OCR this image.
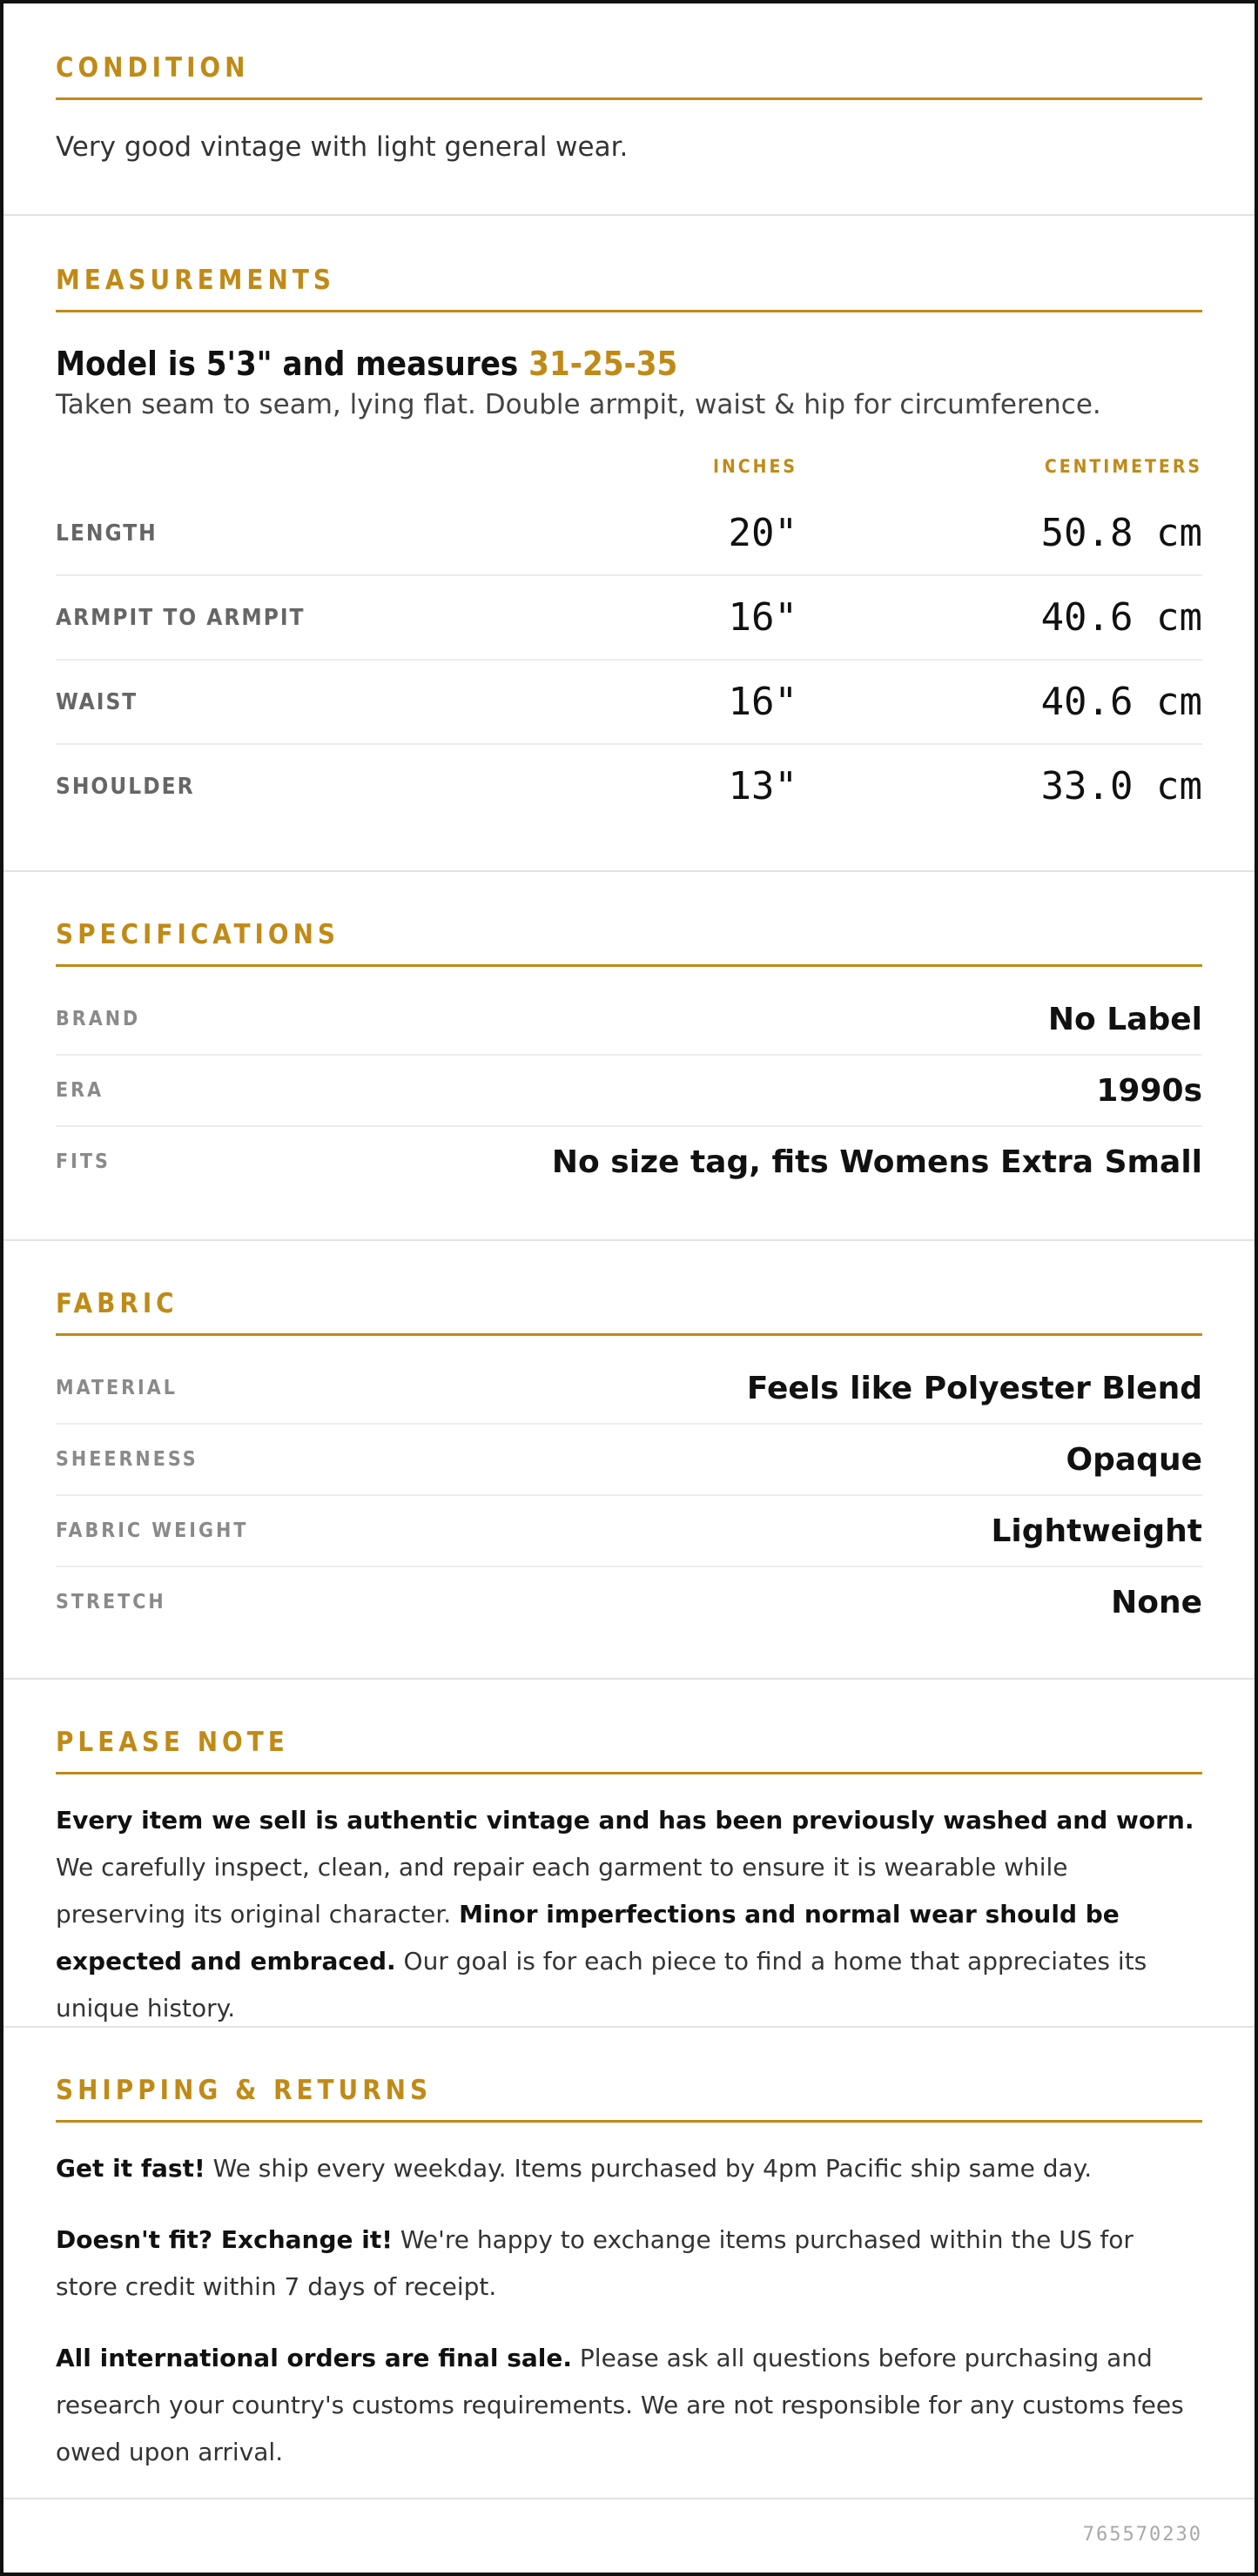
CONDITION
Very good vintage with light general wear.
MEASUREMENTS
Model is 5'3" and measures 31-25-35
Taken seam to seam, lying flat. Double armpit, waist & hip for circumference.
INCHES	CENTIMETERS
LENGTH	20"	50.8 cm
ARMPIT TO ARMPIT	16"	40.6 cm
WAIST	16"	40.6 cm
SHOULDER	13"	33.0 cm
SPECIFICATIONS
BRAND	No Label
ERA	1990s
FITS	No size tag, fits Womens Extra Small
FABRIC
MATERIAL	Feels like Polyester Blend
SHEERNESS	Opaque
FABRIC WEIGHT	Lightweight
STRETCH	None
PLEASE NOTE

Every item we sell is authentic vintage and has been previously washed and worn. We carefully inspect, clean, and repair each garment to ensure it is wearable while preserving its original character. Minor imperfections and normal wear should be expected and embraced. Our goal is for each piece to find a home that appreciates its unique history.

SHIPPING & RETURNS

Get it fast! We ship every weekday. Items purchased by 4pm Pacific ship same day.

Doesn't fit? Exchange it! We're happy to exchange items purchased within the US for store credit within 7 days of receipt.

All international orders are final sale. Please ask all questions before purchasing and research your country's customs requirements. We are not responsible for any customs fees owed upon arrival.

765570230
